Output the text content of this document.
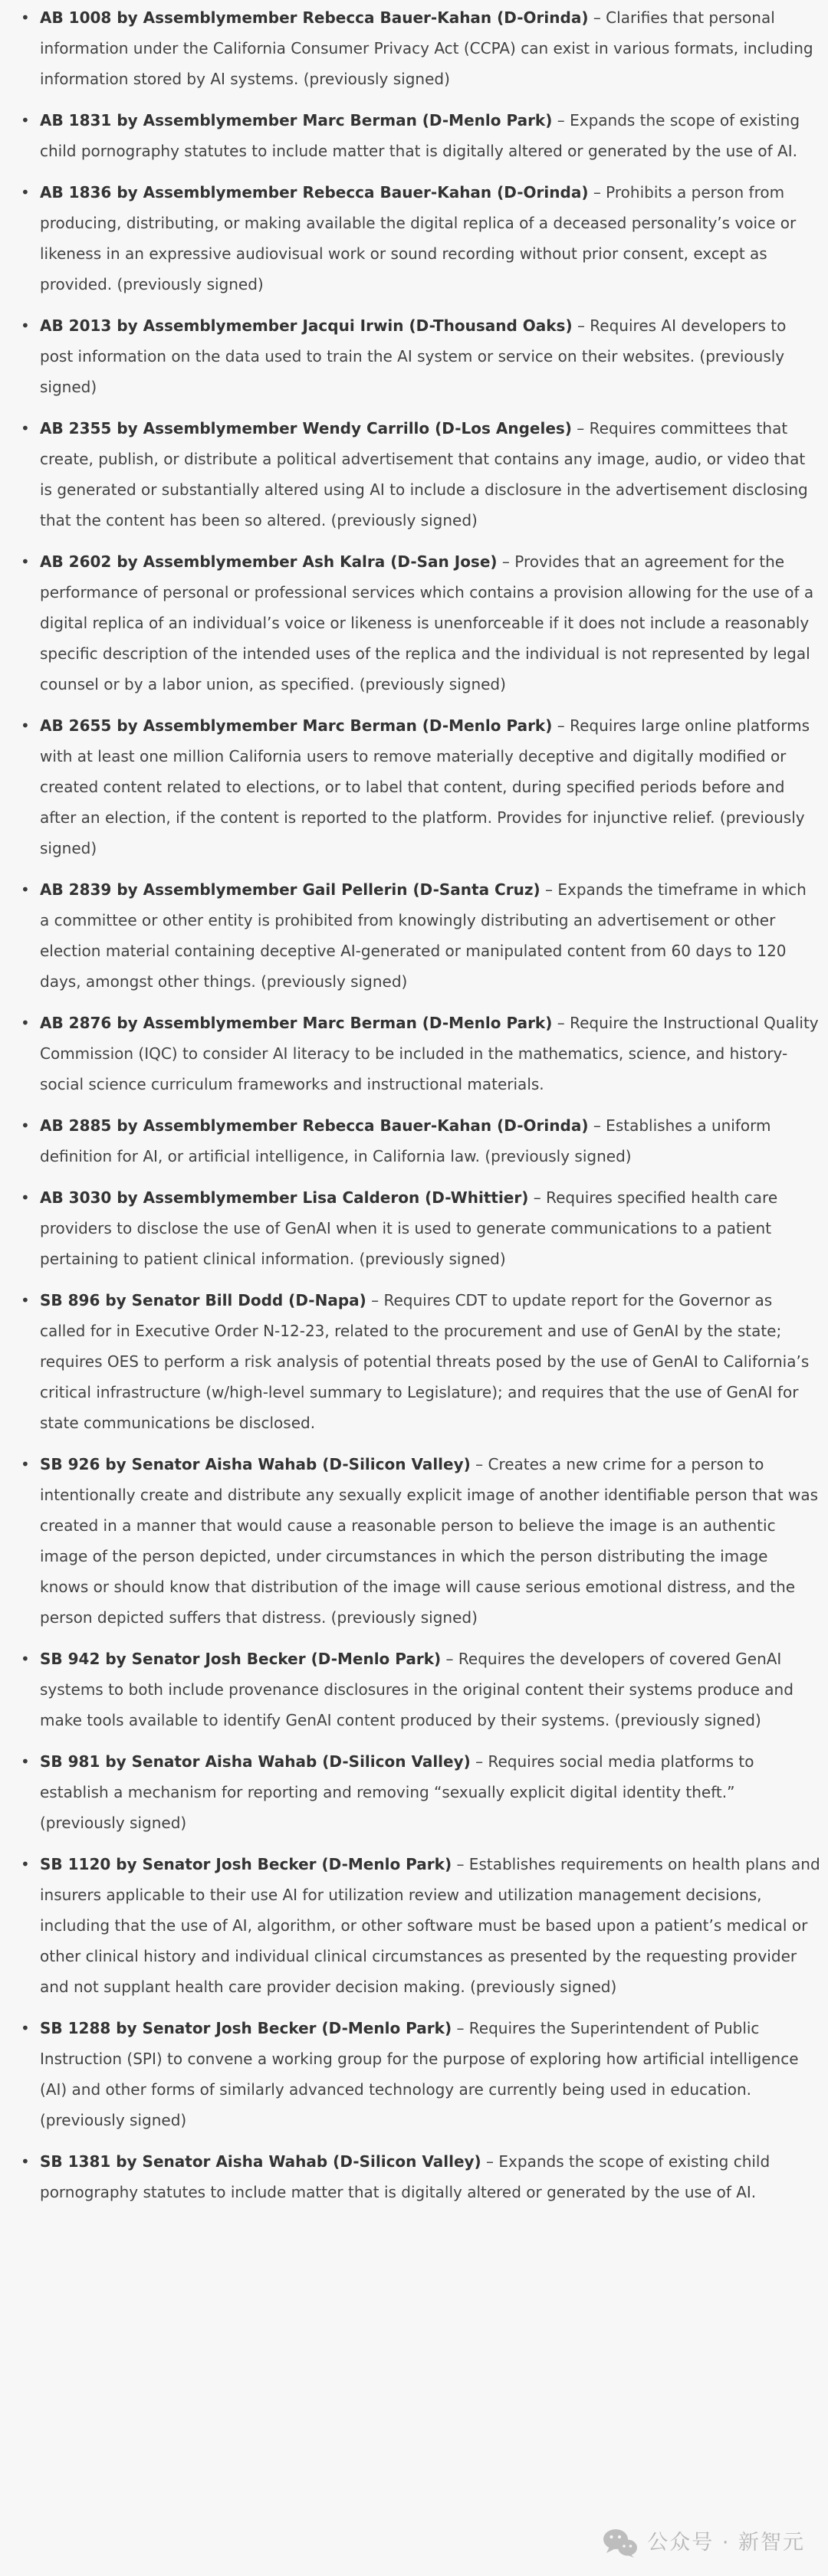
• AB 1008 by Assemblymember Rebecca Bauer-Kahan (D-Orinda) – Clarifies that personal information under the California Consumer Privacy Act (CCPA) can exist in various formats, including information stored by AI systems. (previously signed)
• AB 1831 by Assemblymember Marc Berman (D-Menlo Park) – Expands the scope of existing child pornography statutes to include matter that is digitally altered or generated by the use of AI.
• AB 1836 by Assemblymember Rebecca Bauer-Kahan (D-Orinda) – Prohibits a person from producing, distributing, or making available the digital replica of a deceased personality’s voice or likeness in an expressive audiovisual work or sound recording without prior consent, except as provided. (previously signed)
• AB 2013 by Assemblymember Jacqui Irwin (D-Thousand Oaks) – Requires AI developers to post information on the data used to train the AI system or service on their websites. (previously signed)
• AB 2355 by Assemblymember Wendy Carrillo (D-Los Angeles) – Requires committees that create, publish, or distribute a political advertisement that contains any image, audio, or video that is generated or substantially altered using AI to include a disclosure in the advertisement disclosing that the content has been so altered. (previously signed)
• AB 2602 by Assemblymember Ash Kalra (D-San Jose) – Provides that an agreement for the performance of personal or professional services which contains a provision allowing for the use of a digital replica of an individual’s voice or likeness is unenforceable if it does not include a reasonably specific description of the intended uses of the replica and the individual is not represented by legal counsel or by a labor union, as specified. (previously signed)
• AB 2655 by Assemblymember Marc Berman (D-Menlo Park) – Requires large online platforms with at least one million California users to remove materially deceptive and digitally modified or created content related to elections, or to label that content, during specified periods before and after an election, if the content is reported to the platform. Provides for injunctive relief. (previously signed)
• AB 2839 by Assemblymember Gail Pellerin (D-Santa Cruz) – Expands the timeframe in which a committee or other entity is prohibited from knowingly distributing an advertisement or other election material containing deceptive AI-generated or manipulated content from 60 days to 120 days, amongst other things. (previously signed)
• AB 2876 by Assemblymember Marc Berman (D-Menlo Park) – Require the Instructional Quality Commission (IQC) to consider AI literacy to be included in the mathematics, science, and history-social science curriculum frameworks and instructional materials.
• AB 2885 by Assemblymember Rebecca Bauer-Kahan (D-Orinda) – Establishes a uniform definition for AI, or artificial intelligence, in California law. (previously signed)
• AB 3030 by Assemblymember Lisa Calderon (D-Whittier) – Requires specified health care providers to disclose the use of GenAI when it is used to generate communications to a patient pertaining to patient clinical information. (previously signed)
• SB 896 by Senator Bill Dodd (D-Napa) – Requires CDT to update report for the Governor as called for in Executive Order N-12-23, related to the procurement and use of GenAI by the state; requires OES to perform a risk analysis of potential threats posed by the use of GenAI to California’s critical infrastructure (w/high-level summary to Legislature); and requires that the use of GenAI for state communications be disclosed.
• SB 926 by Senator Aisha Wahab (D-Silicon Valley) – Creates a new crime for a person to intentionally create and distribute any sexually explicit image of another identifiable person that was created in a manner that would cause a reasonable person to believe the image is an authentic image of the person depicted, under circumstances in which the person distributing the image knows or should know that distribution of the image will cause serious emotional distress, and the person depicted suffers that distress. (previously signed)
• SB 942 by Senator Josh Becker (D-Menlo Park) – Requires the developers of covered GenAI systems to both include provenance disclosures in the original content their systems produce and make tools available to identify GenAI content produced by their systems. (previously signed)
• SB 981 by Senator Aisha Wahab (D-Silicon Valley) – Requires social media platforms to establish a mechanism for reporting and removing “sexually explicit digital identity theft.” (previously signed)
• SB 1120 by Senator Josh Becker (D-Menlo Park) – Establishes requirements on health plans and insurers applicable to their use AI for utilization review and utilization management decisions, including that the use of AI, algorithm, or other software must be based upon a patient’s medical or other clinical history and individual clinical circumstances as presented by the requesting provider and not supplant health care provider decision making. (previously signed)
• SB 1288 by Senator Josh Becker (D-Menlo Park) – Requires the Superintendent of Public Instruction (SPI) to convene a working group for the purpose of exploring how artificial intelligence (AI) and other forms of similarly advanced technology are currently being used in education. (previously signed)
• SB 1381 by Senator Aisha Wahab (D-Silicon Valley) – Expands the scope of existing child pornography statutes to include matter that is digitally altered or generated by the use of AI.
公众号 · 新智元
